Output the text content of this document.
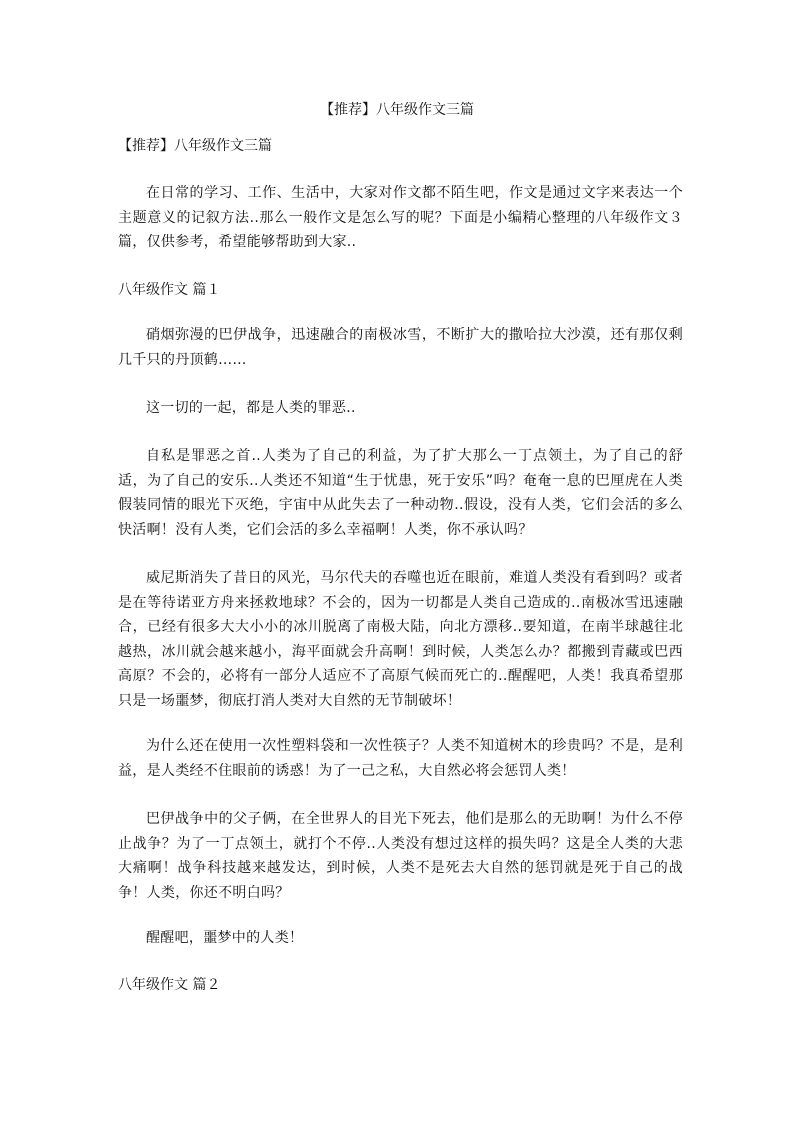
【推荐】八年级作文三篇
【推荐】八年级作文三篇

在日常的学习、工作、生活中，大家对作文都不陌生吧，作文是通过文字来表达一个主题意义的记叙方法..那么一般作文是怎么写的呢？下面是小编精心整理的八年级作文３篇，仅供参考，希望能够帮助到大家..

八年级作文 篇１

硝烟弥漫的巴伊战争，迅速融合的南极冰雪，不断扩大的撒哈拉大沙漠，还有那仅剩几千只的丹顶鹤……

这一切的一起，都是人类的罪恶..

自私是罪恶之首..人类为了自己的利益，为了扩大那么一丁点领土，为了自己的舒适，为了自己的安乐..人类还不知道“生于忧患，死于安乐”吗？奄奄一息的巴厘虎在人类假装同情的眼光下灭绝，宇宙中从此失去了一种动物..假设，没有人类，它们会活的多么快活啊！没有人类，它们会活的多么幸福啊！人类，你不承认吗？

威尼斯消失了昔日的风光，马尔代夫的吞噬也近在眼前，难道人类没有看到吗？或者是在等待诺亚方舟来拯救地球？不会的，因为一切都是人类自己造成的..南极冰雪迅速融合，已经有很多大大小小的冰川脱离了南极大陆，向北方漂移..要知道，在南半球越往北越热，冰川就会越来越小，海平面就会升高啊！到时候，人类怎么办？都搬到青藏或巴西高原？不会的，必将有一部分人适应不了高原气候而死亡的..醒醒吧，人类！我真希望那只是一场噩梦，彻底打消人类对大自然的无节制破坏！

为什么还在使用一次性塑料袋和一次性筷子？人类不知道树木的珍贵吗？不是，是利益，是人类经不住眼前的诱惑！为了一己之私，大自然必将会惩罚人类！

巴伊战争中的父子俩，在全世界人的目光下死去，他们是那么的无助啊！为什么不停止战争？为了一丁点领土，就打个不停..人类没有想过这样的损失吗？这是全人类的大悲大痛啊！战争科技越来越发达，到时候，人类不是死去大自然的惩罚就是死于自己的战争！人类，你还不明白吗？

醒醒吧，噩梦中的人类！

八年级作文 篇２
